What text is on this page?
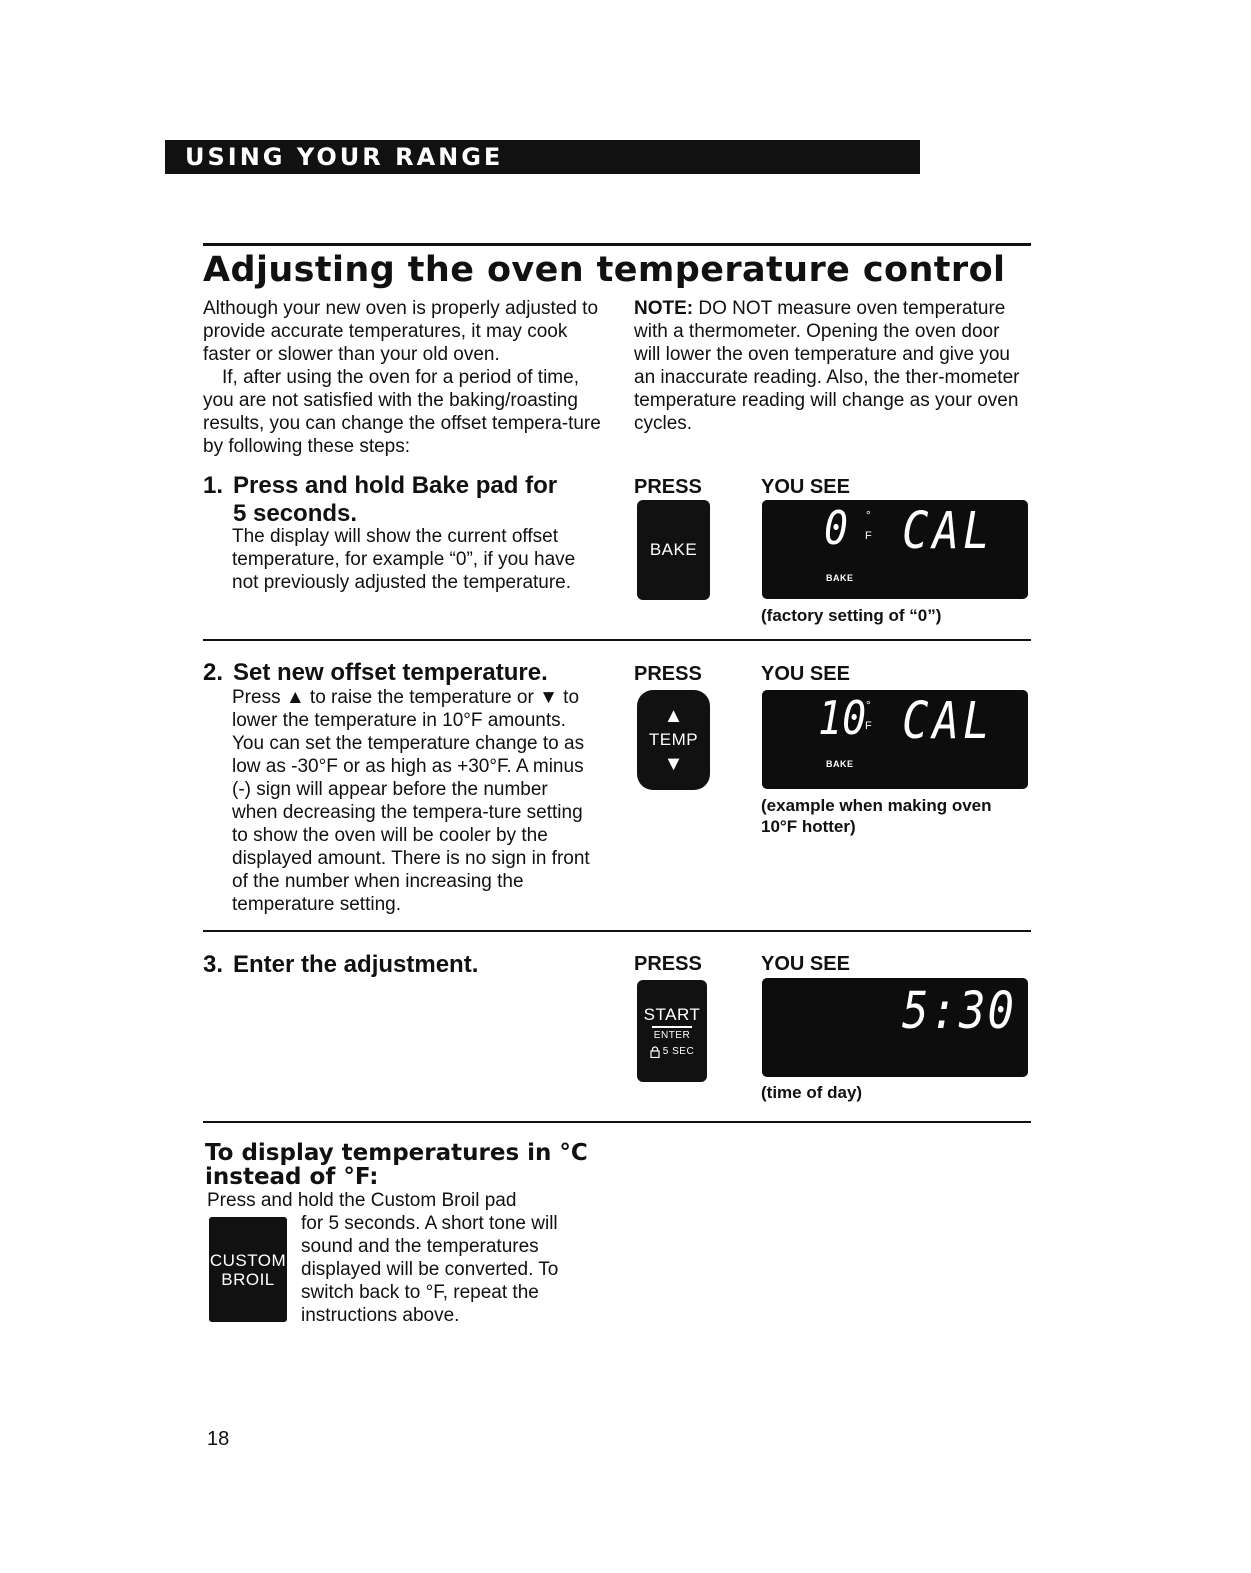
USING YOUR RANGE
Adjusting the oven temperature control
Although your new oven is properly adjusted to provide accurate temperatures, it may cook faster or slower than your old oven.
If, after using the oven for a period of time, you are not satisfied with the baking/roasting results, you can change the offset tempera-ture by following these steps:
NOTE: DO NOT measure oven temperature with a thermometer. Opening the oven door will lower the oven temperature and give you an inaccurate reading. Also, the ther-mometer temperature reading will change as your oven cycles.
1. Press and hold Bake pad for
5 seconds.
The display will show the current offset temperature, for example “0”, if you have not previously adjusted the temperature.
PRESS	YOU SEE
BAKE	0 °
F CAL
BAKE
(factory setting of “0”)
2. Set new offset temperature.
Press ▲ to raise the temperature or ▼ to lower the temperature in 10°F amounts. You can set the temperature change to as low as -30°F or as high as +30°F. A minus (-) sign will appear before the number when decreasing the tempera-ture setting to show the oven will be cooler by the displayed amount. There is no sign in front of the number when increasing the temperature setting.
PRESS	YOU SEE
▲
TEMP
▼
10 °
F CAL
BAKE
(example when making oven 10°F hotter)
3. Enter the adjustment.	PRESS	YOU SEE
START
ENTER
5 SEC
5:30
(time of day)
To display temperatures in °C
instead of °F:
Press and hold the Custom Broil pad
CUSTOM
BROIL
for 5 seconds. A short tone will
sound and the temperatures
displayed will be converted. To
switch back to °F, repeat the
instructions above.
18
